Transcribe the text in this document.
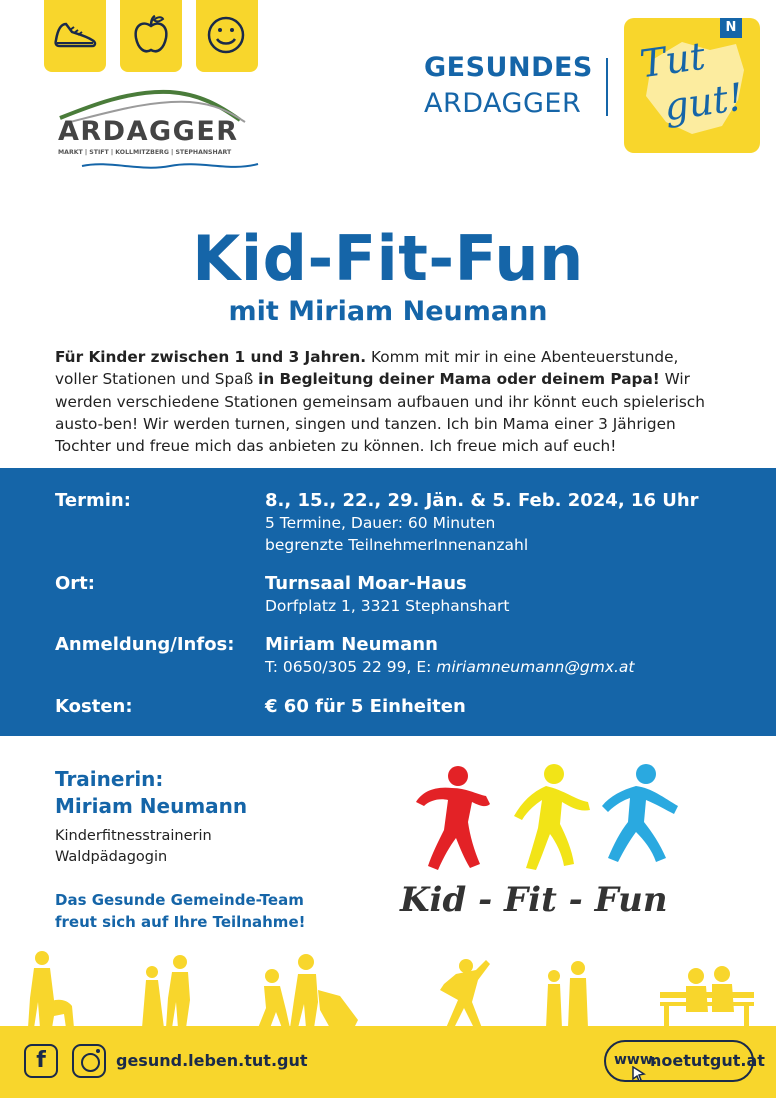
ARDAGGER
MARKT | STIFT | KOLLMITZBERG | STEPHANSHART
GESUNDES
ARDAGGER
N
Tut
gut!
Kid-Fit-Fun
mit Miriam Neumann
Für Kinder zwischen 1 und 3 Jahren. Komm mit mir in eine Abenteuerstunde, voller Stationen und Spaß in Begleitung deiner Mama oder deinem Papa! Wir werden verschiedene Stationen gemeinsam aufbauen und ihr könnt euch spielerisch austo-ben! Wir werden turnen, singen und tanzen. Ich bin Mama einer 3 Jährigen Tochter und freue mich das anbieten zu können. Ich freue mich auf euch!
Termin:	8., 15., 22., 29. Jän. & 5. Feb. 2024, 16 Uhr
5 Termine, Dauer: 60 Minuten
begrenzte TeilnehmerInnenanzahl
Ort:	Turnsaal Moar-Haus
Dorfplatz 1, 3321 Stephanshart
Anmeldung/Infos: Miriam Neumann
T: 0650/305 22 99, E: miriamneumann@gmx.at
Kosten:	€ 60 für 5 Einheiten
Trainerin:
Miriam Neumann
Kinderfitnesstrainerin
Waldpädagogin
Das Gesunde Gemeinde-Team
freut sich auf Ihre Teilnahme!
Kid - Fit - Fun
f	gesund.leben.tut.gut	www.
noetutgut.at
